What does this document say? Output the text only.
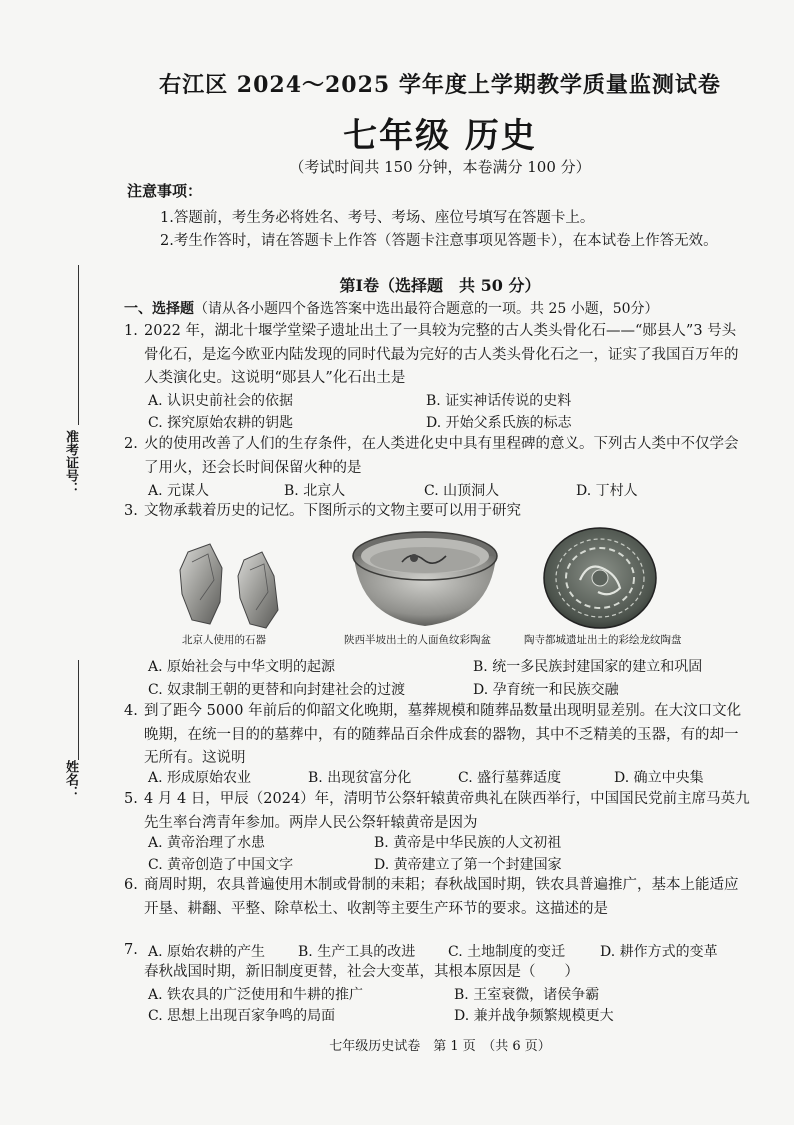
准考证号：
姓名：
右江区 2024～2025 学年度上学期教学质量监测试卷
七年级 历史
（考试时间共 150 分钟，本卷满分 100 分）
注意事项：
1.答题前，考生务必将姓名、考号、考场、座位号填写在答题卡上。
2.考生作答时，请在答题卡上作答（答题卡注意事项见答题卡），在本试卷上作答无效。
第Ⅰ卷（选择题　共 50 分）
一、选择题（请从各小题四个备选答案中选出最符合题意的一项。共 25 小题，50分）
1. 2022 年，湖北十堰学堂梁子遗址出土了一具较为完整的古人类头骨化石——“郧县人”3 号头骨化石，是迄今欧亚内陆发现的同时代最为完好的古人类头骨化石之一，证实了我国百万年的人类演化史。这说明“郧县人”化石出土是
A. 认识史前社会的依据	B. 证实神话传说的史料
C. 探究原始农耕的钥匙	D. 开始父系氏族的标志
2. 火的使用改善了人们的生存条件，在人类进化史中具有里程碑的意义。下列古人类中不仅学会了用火，还会长时间保留火种的是
A. 元谋人	B. 北京人	C. 山顶洞人	D. 丁村人
3. 文物承载着历史的记忆。下图所示的文物主要可以用于研究
北京人使用的石器	陕西半坡出土的人面鱼纹彩陶盆	陶寺都城遗址出土的彩绘龙纹陶盘
A. 原始社会与中华文明的起源	B. 统一多民族封建国家的建立和巩固
C. 奴隶制王朝的更替和向封建社会的过渡	D. 孕育统一和民族交融
4. 到了距今 5000 年前后的仰韶文化晚期，墓葬规模和随葬品数量出现明显差别。在大汶口文化晚期，在统一目的的墓葬中，有的随葬品百余件成套的器物，其中不乏精美的玉器，有的却一无所有。这说明
A. 形成原始农业	B. 出现贫富分化	C. 盛行墓葬适度	D. 确立中央集
5. 4 月 4 日，甲辰（2024）年，清明节公祭轩辕黄帝典礼在陕西举行，中国国民党前主席马英九先生率台湾青年参加。两岸人民公祭轩辕黄帝是因为
A. 黄帝治理了水患	B. 黄帝是中华民族的人文初祖
C. 黄帝创造了中国文字	D. 黄帝建立了第一个封建国家
6. 商周时期，农具普遍使用木制或骨制的耒耜；春秋战国时期，铁农具普遍推广，基本上能适应开垦、耕翻、平整、除草松土、收割等主要生产环节的要求。这描述的是
A. 原始农耕的产生 B. 生产工具的改进 C. 土地制度的变迁 D. 耕作方式的变革
7.
春秋战国时期，新旧制度更替，社会大变革，其根本原因是（　　）
A. 铁农具的广泛使用和牛耕的推广	B. 王室衰微，诸侯争霸
C. 思想上出现百家争鸣的局面	D. 兼并战争频繁规模更大
七年级历史试卷　第 1 页　（共 6 页）
